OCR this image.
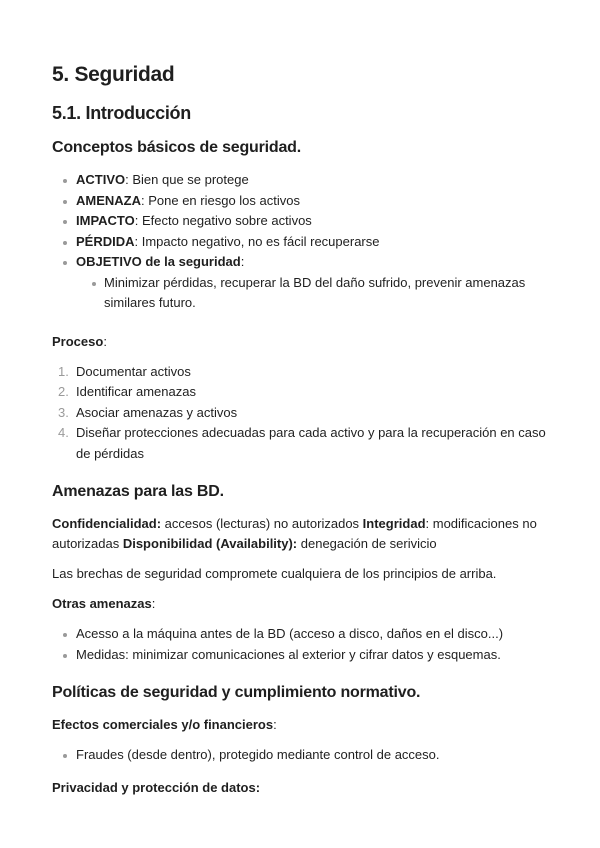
5. Seguridad
5.1. Introducción
Conceptos básicos de seguridad.
ACTIVO: Bien que se protege
AMENAZA: Pone en riesgo los activos
IMPACTO: Efecto negativo sobre activos
PÉRDIDA: Impacto negativo, no es fácil recuperarse
OBJETIVO de la seguridad:
Minimizar pérdidas, recuperar la BD del daño sufrido, prevenir amenazas similares futuro.

Proceso:

1. Documentar activos
2. Identificar amenazas
3. Asociar amenazas y activos
4. Diseñar protecciones adecuadas para cada activo y para la recuperación en caso de pérdidas
Amenazas para las BD.

Confidencialidad: accesos (lecturas) no autorizados Integridad: modificaciones no autorizadas Disponibilidad (Availability): denegación de serivicio

Las brechas de seguridad compromete cualquiera de los principios de arriba.

Otras amenazas:

Acesso a la máquina antes de la BD (acceso a disco, daños en el disco...)
Medidas: minimizar comunicaciones al exterior y cifrar datos y esquemas.
Políticas de seguridad y cumplimiento normativo.

Efectos comerciales y/o financieros:

Fraudes (desde dentro), protegido mediante control de acceso.

Privacidad y protección de datos:
